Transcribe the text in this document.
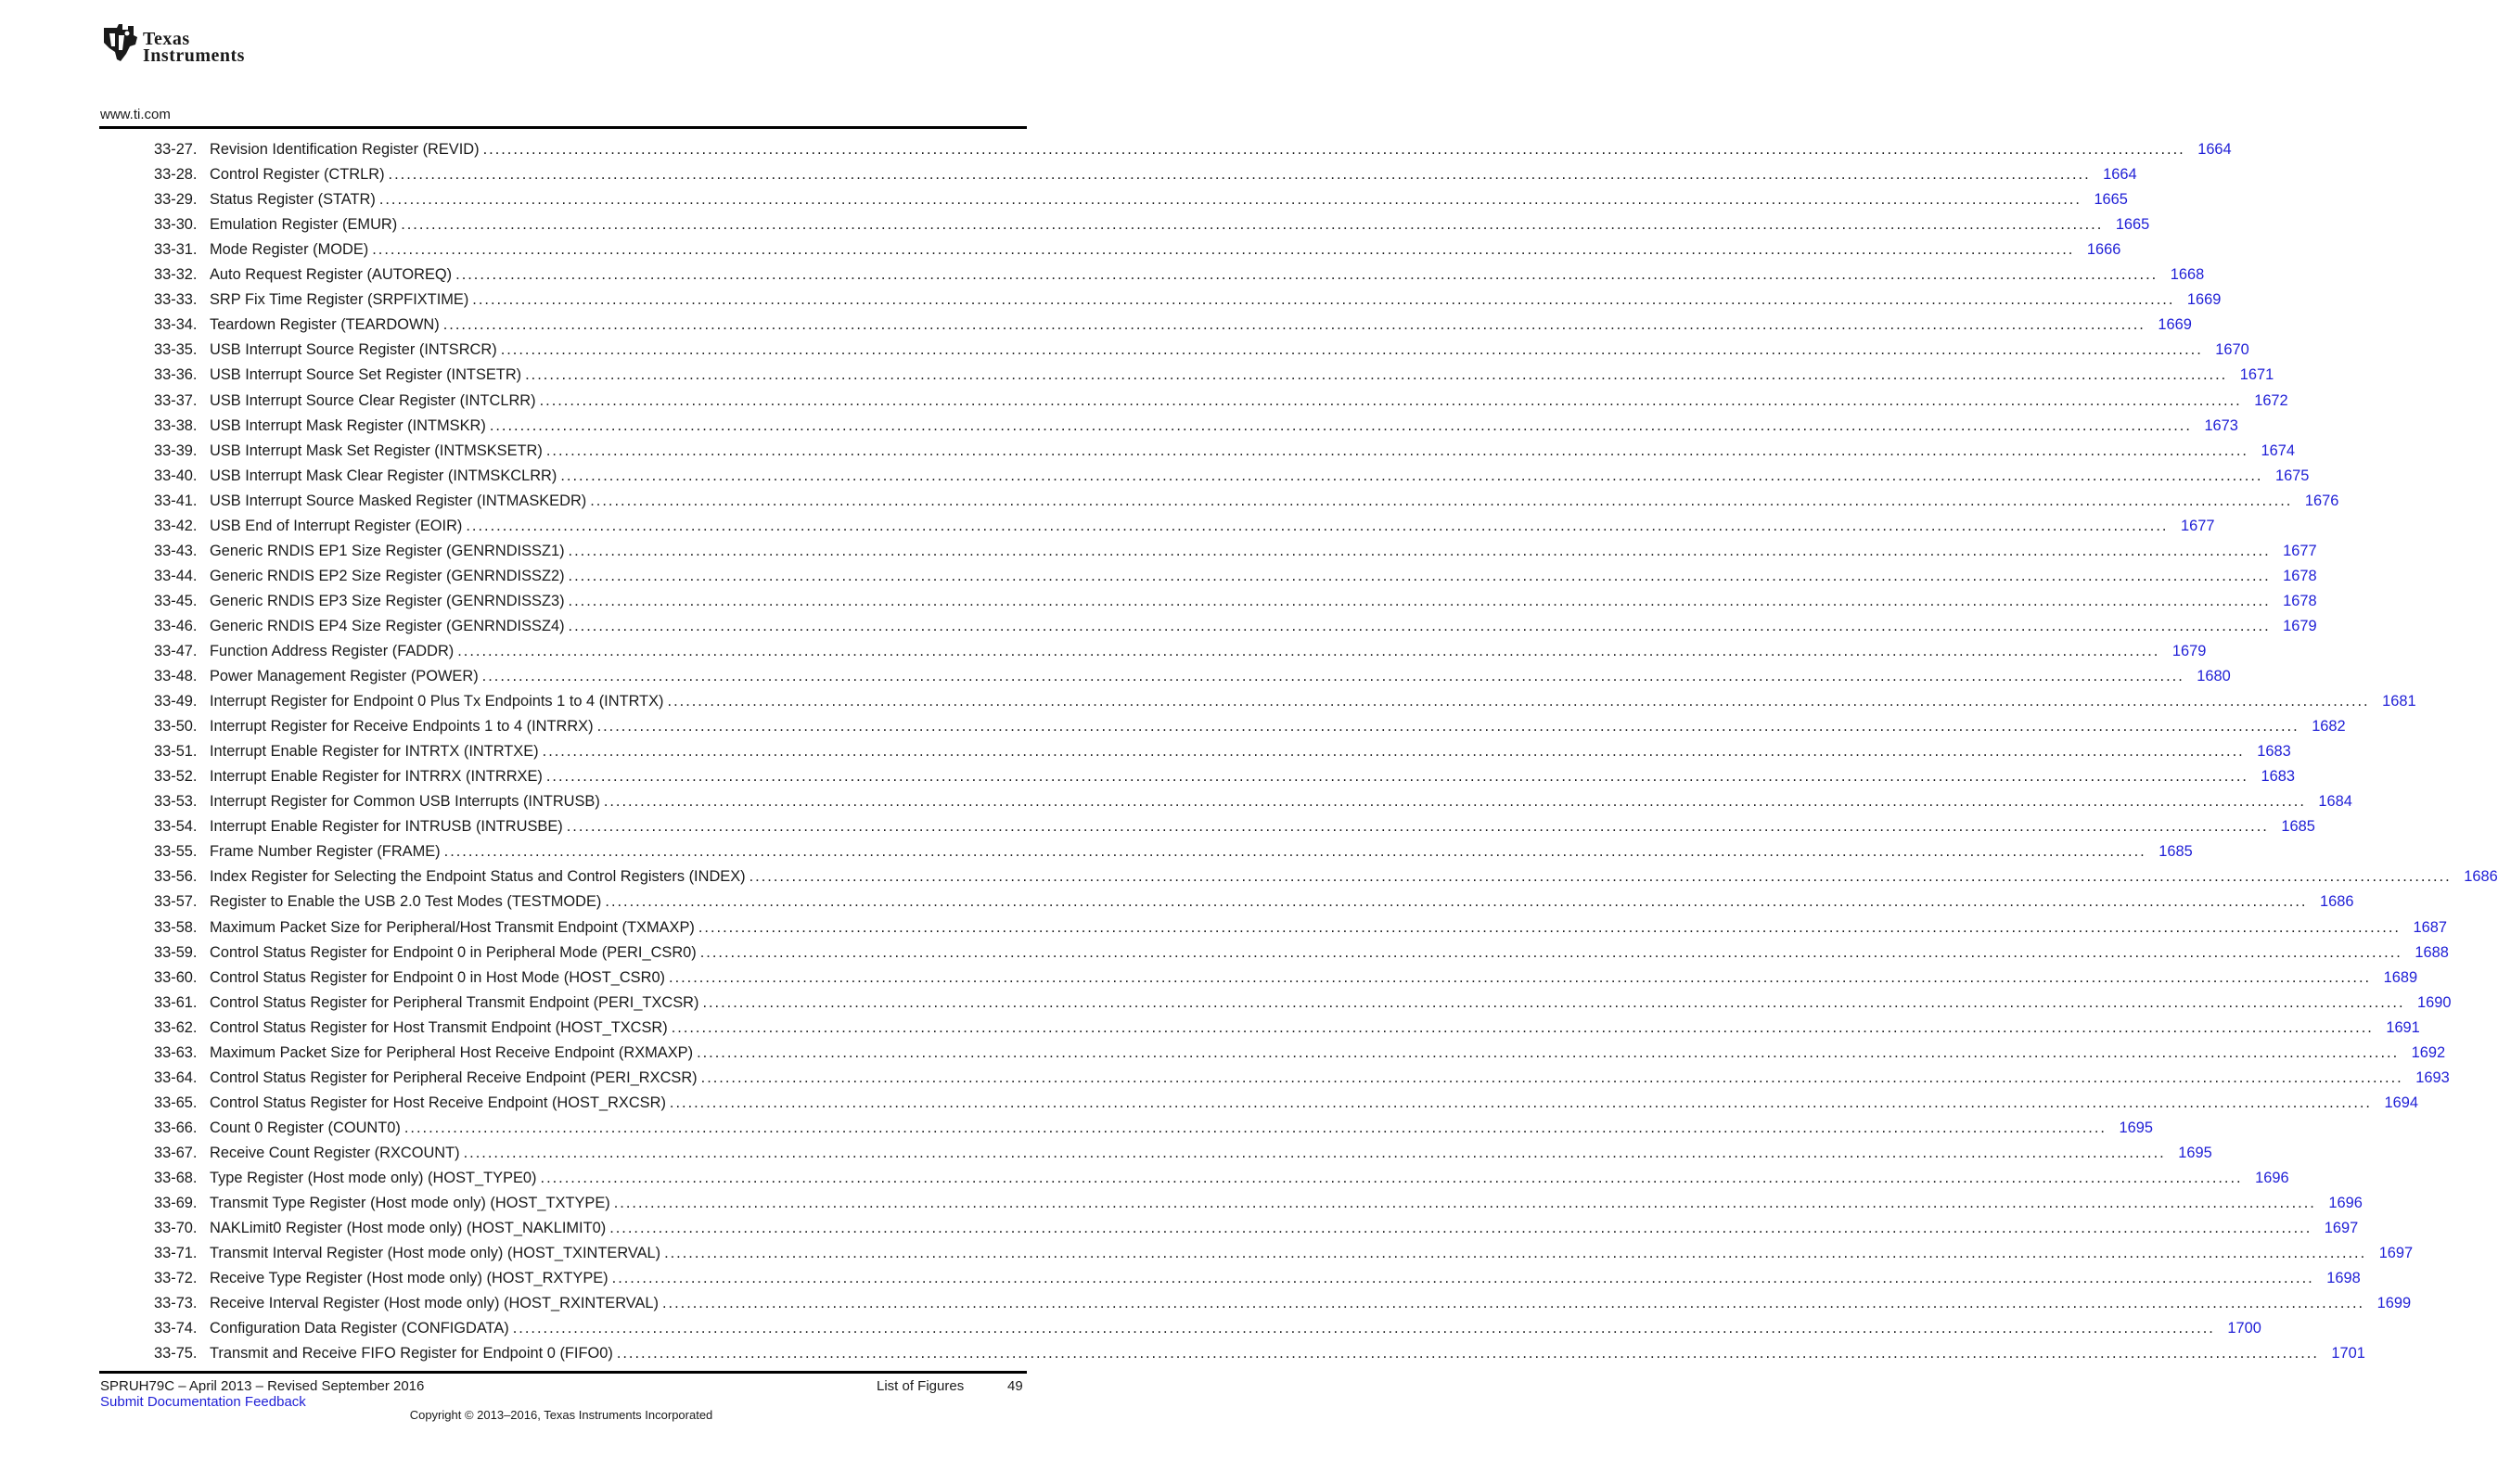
Texas
Instruments
www.ti.com
33-27. Revision Identification Register (REVID) .....	1664
33-28. Control Register (CTRLR) .....	1664
33-29. Status Register (STATR) .....	1665
33-30. Emulation Register (EMUR) .....	1665
33-31. Mode Register (MODE) .....	1666
33-32. Auto Request Register (AUTOREQ) .....	1668
33-33. SRP Fix Time Register (SRPFIXTIME) .....	1669
33-34. Teardown Register (TEARDOWN) .....	1669
33-35. USB Interrupt Source Register (INTSRCR) .....	1670
33-36. USB Interrupt Source Set Register (INTSETR) .....	1671
33-37. USB Interrupt Source Clear Register (INTCLRR) .....	1672
33-38. USB Interrupt Mask Register (INTMSKR) .....	1673
33-39. USB Interrupt Mask Set Register (INTMSKSETR) .....	1674
33-40. USB Interrupt Mask Clear Register (INTMSKCLRR) .....	1675
33-41. USB Interrupt Source Masked Register (INTMASKEDR) .....	1676
33-42. USB End of Interrupt Register (EOIR) .....	1677
33-43. Generic RNDIS EP1 Size Register (GENRNDISSZ1) .....	1677
33-44. Generic RNDIS EP2 Size Register (GENRNDISSZ2) .....	1678
33-45. Generic RNDIS EP3 Size Register (GENRNDISSZ3) .....	1678
33-46. Generic RNDIS EP4 Size Register (GENRNDISSZ4) .....	1679
33-47. Function Address Register (FADDR) .....	1679
33-48. Power Management Register (POWER) .....	1680
33-49. Interrupt Register for Endpoint 0 Plus Tx Endpoints 1 to 4 (INTRTX) .....	1681
33-50. Interrupt Register for Receive Endpoints 1 to 4 (INTRRX) .....	1682
33-51. Interrupt Enable Register for INTRTX (INTRTXE) .....	1683
33-52. Interrupt Enable Register for INTRRX (INTRRXE) .....	1683
33-53. Interrupt Register for Common USB Interrupts (INTRUSB) .....	1684
33-54. Interrupt Enable Register for INTRUSB (INTRUSBE) .....	1685
33-55. Frame Number Register (FRAME) .....	1685
33-56. Index Register for Selecting the Endpoint Status and Control Registers (INDEX) .....	1686
33-57. Register to Enable the USB 2.0 Test Modes (TESTMODE) .....	1686
33-58. Maximum Packet Size for Peripheral/Host Transmit Endpoint (TXMAXP) .....	1687
33-59. Control Status Register for Endpoint 0 in Peripheral Mode (PERI_CSR0) .....	1688
33-60. Control Status Register for Endpoint 0 in Host Mode (HOST_CSR0) .....	1689
33-61. Control Status Register for Peripheral Transmit Endpoint (PERI_TXCSR) .....	1690
33-62. Control Status Register for Host Transmit Endpoint (HOST_TXCSR) .....	1691
33-63. Maximum Packet Size for Peripheral Host Receive Endpoint (RXMAXP) .....	1692
33-64. Control Status Register for Peripheral Receive Endpoint (PERI_RXCSR) .....	1693
33-65. Control Status Register for Host Receive Endpoint (HOST_RXCSR) .....	1694
33-66. Count 0 Register (COUNT0) .....	1695
33-67. Receive Count Register (RXCOUNT) .....	1695
33-68. Type Register (Host mode only) (HOST_TYPE0) .....	1696
33-69. Transmit Type Register (Host mode only) (HOST_TXTYPE) .....	1696
33-70. NAKLimit0 Register (Host mode only) (HOST_NAKLIMIT0) .....	1697
33-71. Transmit Interval Register (Host mode only) (HOST_TXINTERVAL) .....	1697
33-72. Receive Type Register (Host mode only) (HOST_RXTYPE) .....	1698
33-73. Receive Interval Register (Host mode only) (HOST_RXINTERVAL) .....	1699
33-74. Configuration Data Register (CONFIGDATA) .....	1700
33-75. Transmit and Receive FIFO Register for Endpoint 0 (FIFO0) .....	1701
SPRUH79C – April 2013 – Revised September 2016
Submit Documentation Feedback
List of Figures	49
Copyright © 2013–2016, Texas Instruments Incorporated
